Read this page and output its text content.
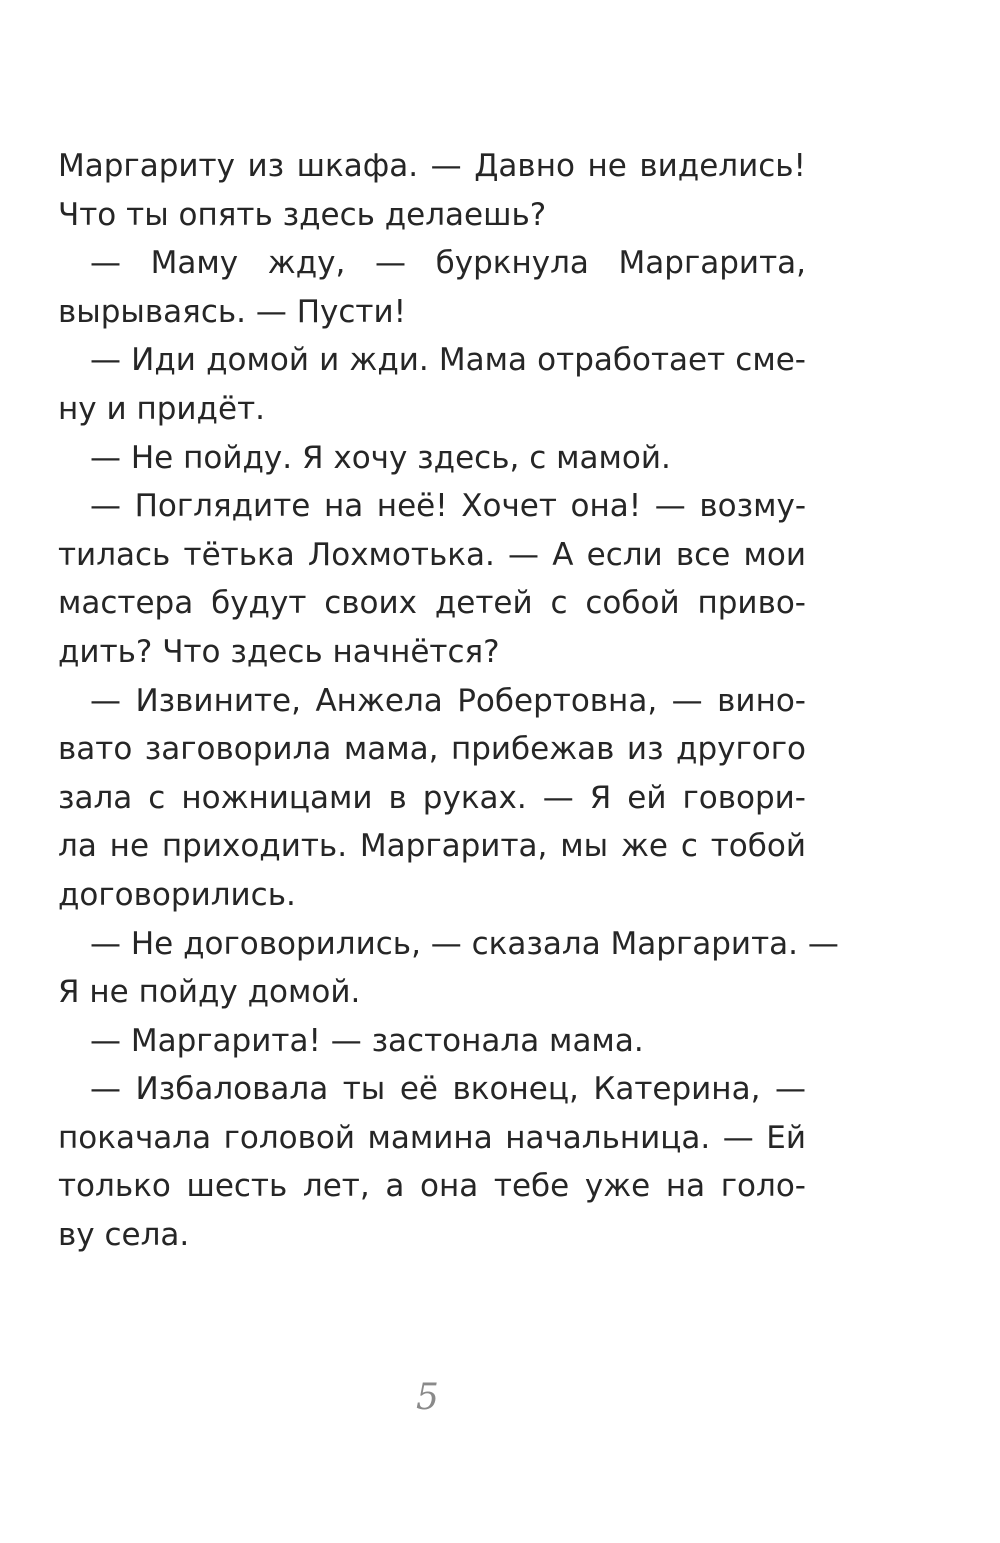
Маргариту из шкафа. — Давно не виделись!
Что ты опять здесь делаешь?
— Маму жду, — буркнула Маргарита,
вырываясь. — Пусти!
— Иди домой и жди. Мама отработает сме-
ну и придёт.
— Не пойду. Я хочу здесь, с мамой.
— Поглядите на неё! Хочет она! — возму-
тилась тётька Лохмотька. — А если все мои
мастера будут своих детей с собой приво-
дить? Что здесь начнётся?
— Извините, Анжела Робертовна, — вино-
вато заговорила мама, прибежав из другого
зала с ножницами в руках. — Я ей говори-
ла не приходить. Маргарита, мы же с тобой
договорились.
— Не договорились, — сказала Маргарита. —
Я не пойду домой.
— Маргарита! — застонала мама.
— Избаловала ты её вконец, Катерина, —
покачала головой мамина начальница. — Ей
только шесть лет, а она тебе уже на голо-
ву села.
5
